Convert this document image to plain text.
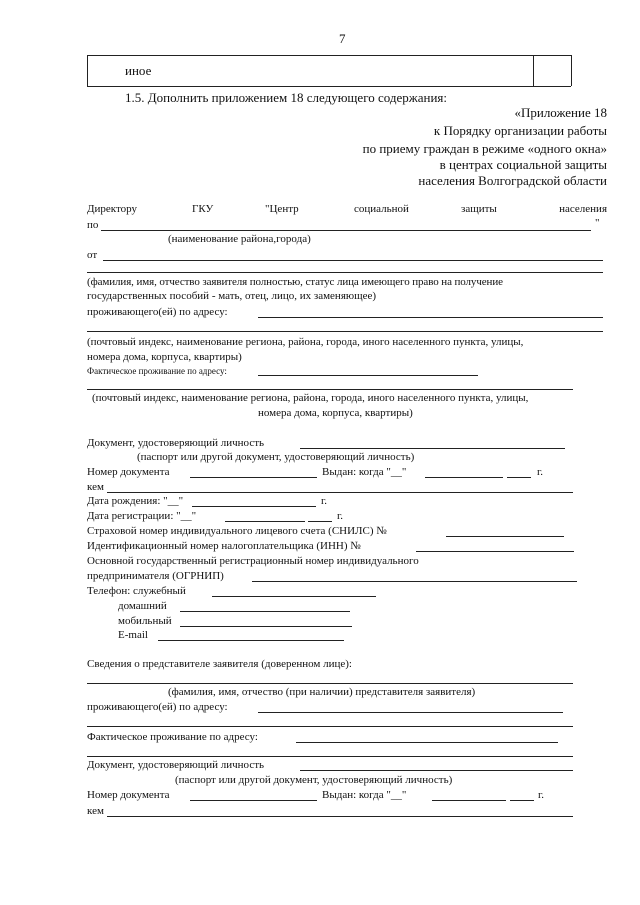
7
иное
1.5. Дополнить приложением 18 следующего содержания:
«Приложение 18
к Порядку организации работы
по приему граждан в режиме «одного окна»
в центрах социальной защиты
населения Волгоградской области
Директору	ГКУ	"Центр	социальной	защиты	населения
по	"
(наименование района,города)
от
(фамилия, имя, отчество заявителя полностью, статус лица имеющего право на получение
государственных пособий - мать, отец, лицо, их заменяющее)
проживающего(ей) по адресу:
(почтовый индекс, наименование региона, района, города, иного населенного пункта, улицы,
номера дома, корпуса, квартиры)
Фактическое проживание по адресу:
(почтовый индекс, наименование региона, района, города, иного населенного пункта, улицы,
номера дома, корпуса, квартиры)
Документ, удостоверяющий личность
(паспорт или другой документ, удостоверяющий личность)
Номер документа	Выдан: когда "__"	г.
кем
Дата рождения: "__"	г.
Дата регистрации: "__"	г.
Страховой номер индивидуального лицевого счета (СНИЛС) №
Идентификационный номер налогоплательщика (ИНН) №
Основной государственный регистрационный номер индивидуального
предпринимателя (ОГРНИП)
Телефон: служебный
домашний
мобильный
E-mail
Сведения о представителе заявителя (доверенном лице):
(фамилия, имя, отчество (при наличии) представителя заявителя)
проживающего(ей) по адресу:
Фактическое проживание по адресу:
Документ, удостоверяющий личность
(паспорт или другой документ, удостоверяющий личность)
Номер документа	Выдан: когда "__"	г.
кем
